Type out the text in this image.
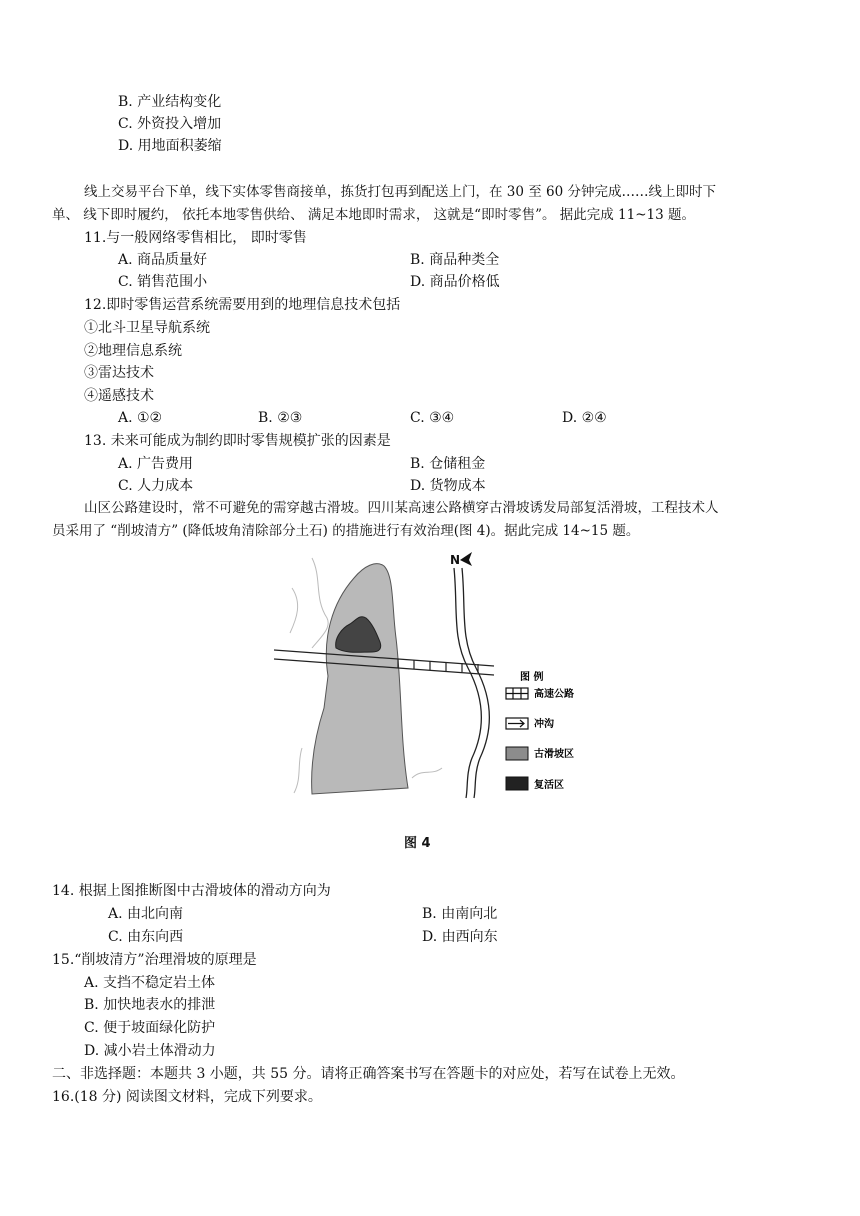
B. 产业结构变化
C. 外资投入增加
D. 用地面积萎缩
线上交易平台下单，线下实体零售商接单，拣货打包再到配送上门，在 30 至 60 分钟完成……线上即时下
单、 线下即时履约， 依托本地零售供给、 满足本地即时需求， 这就是“即时零售”。 据此完成 11~13 题。
11.与一般网络零售相比， 即时零售
A. 商品质量好	B. 商品种类全
C. 销售范围小	D. 商品价格低
12.即时零售运营系统需要用到的地理信息技术包括
①北斗卫星导航系统
②地理信息系统
③雷达技术
④遥感技术
A. ①②	B. ②③	C. ③④	D. ②④
13. 未来可能成为制约即时零售规模扩张的因素是
A. 广告费用	B. 仓储租金
C. 人力成本	D. 货物成本
山区公路建设时，常不可避免的需穿越古滑坡。四川某高速公路横穿古滑坡诱发局部复活滑坡，工程技术人
员采用了 “削坡清方” (降低坡角清除部分土石) 的措施进行有效治理(图 4)。据此完成 14~15 题。
N
图 例
高速公路
冲沟
古滑坡区
复活区
图 4
14. 根据上图推断图中古滑坡体的滑动方向为
A. 由北向南	B. 由南向北
C. 由东向西	D. 由西向东
15.“削坡清方”治理滑坡的原理是
A. 支挡不稳定岩土体
B. 加快地表水的排泄
C. 便于坡面绿化防护
D. 减小岩土体滑动力
二、非选择题：本题共 3 小题，共 55 分。请将正确答案书写在答题卡的对应处，若写在试卷上无效。
16.(18 分) 阅读图文材料，完成下列要求。
